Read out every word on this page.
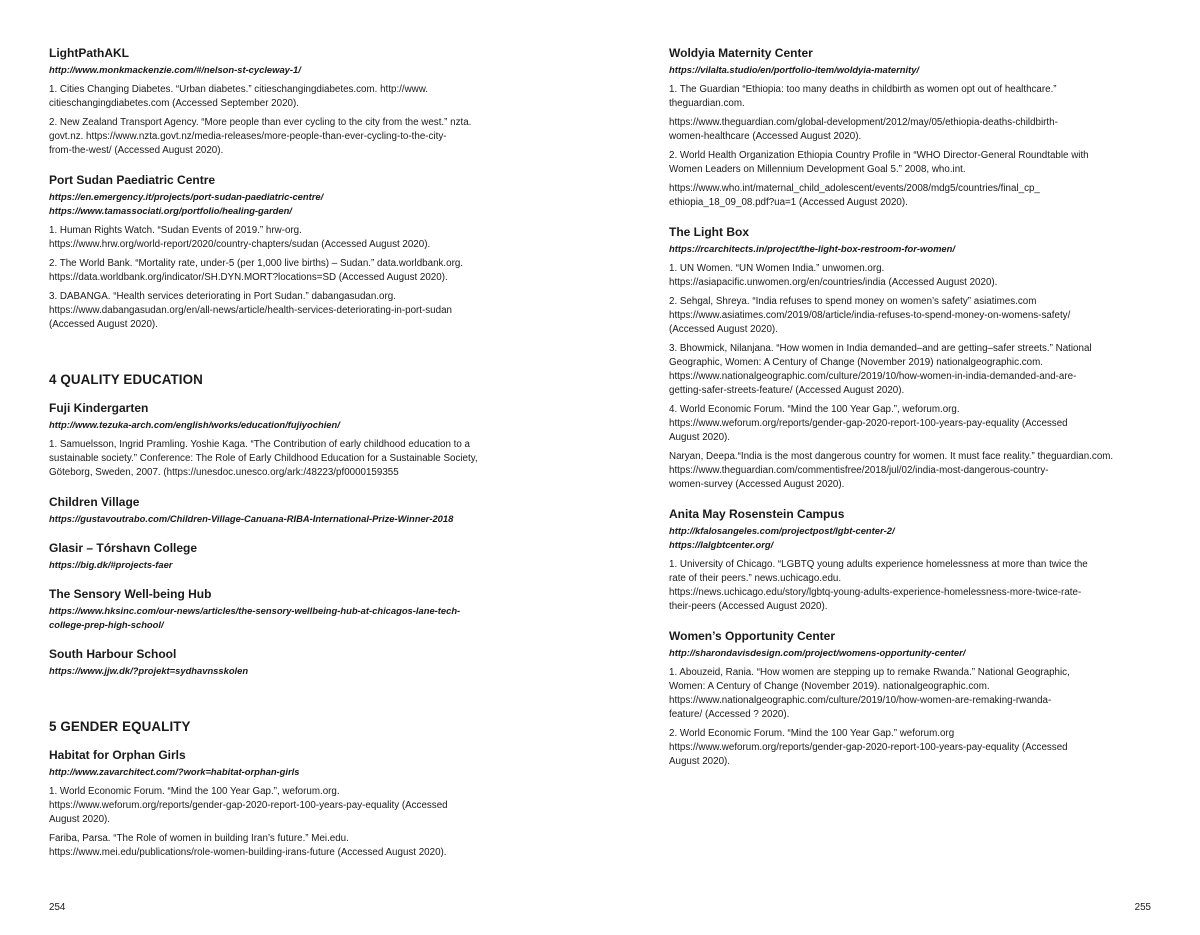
LightPathAKL
http://www.monkmackenzie.com/#/nelson-st-cycleway-1/
1. Cities Changing Diabetes. “Urban diabetes.” citieschangingdiabetes.com. http://www.
citieschangingdiabetes.com (Accessed September 2020).
2. New Zealand Transport Agency. “More people than ever cycling to the city from the west.” nzta.
govt.nz. https://www.nzta.govt.nz/media-releases/more-people-than-ever-cycling-to-the-city-
from-the-west/ (Accessed August 2020).
Port Sudan Paediatric Centre
https://en.emergency.it/projects/port-sudan-paediatric-centre/
https://www.tamassociati.org/portfolio/healing-garden/
1. Human Rights Watch. “Sudan Events of 2019.” hrw-org.
https://www.hrw.org/world-report/2020/country-chapters/sudan (Accessed August 2020).
2. The World Bank. “Mortality rate, under-5 (per 1,000 live births) – Sudan.” data.worldbank.org.
https://data.worldbank.org/indicator/SH.DYN.MORT?locations=SD (Accessed August 2020).
3. DABANGA. “Health services deteriorating in Port Sudan.” dabangasudan.org.
https://www.dabangasudan.org/en/all-news/article/health-services-deteriorating-in-port-sudan
(Accessed August 2020).
4 QUALITY EDUCATION
Fuji Kindergarten
http://www.tezuka-arch.com/english/works/education/fujiyochien/
1. Samuelsson, Ingrid Pramling. Yoshie Kaga. “The Contribution of early childhood education to a
sustainable society.” Conference: The Role of Early Childhood Education for a Sustainable Society,
Göteborg, Sweden, 2007. (https://unesdoc.unesco.org/ark:/48223/pf0000159355
Children Village
https://gustavoutrabo.com/Children-Village-Canuana-RIBA-International-Prize-Winner-2018
Glasir – Tórshavn College
https://big.dk/#projects-faer
The Sensory Well-being Hub
https://www.hksinc.com/our-news/articles/the-sensory-wellbeing-hub-at-chicagos-lane-tech-
college-prep-high-school/
South Harbour School
https://www.jjw.dk/?projekt=sydhavnsskolen
5 GENDER EQUALITY
Habitat for Orphan Girls
http://www.zavarchitect.com/?work=habitat-orphan-girls
1. World Economic Forum. “Mind the 100 Year Gap.”, weforum.org.
https://www.weforum.org/reports/gender-gap-2020-report-100-years-pay-equality (Accessed
August 2020).
Fariba, Parsa. “The Role of women in building Iran’s future.” Mei.edu.
https://www.mei.edu/publications/role-women-building-irans-future (Accessed August 2020).
Woldyia Maternity Center
https://vilalta.studio/en/portfolio-item/woldyia-maternity/
1. The Guardian “Ethiopia: too many deaths in childbirth as women opt out of healthcare.”
theguardian.com.
https://www.theguardian.com/global-development/2012/may/05/ethiopia-deaths-childbirth-
women-healthcare (Accessed August 2020).
2. World Health Organization Ethiopia Country Profile in “WHO Director-General Roundtable with
Women Leaders on Millennium Development Goal 5.” 2008, who.int.
https://www.who.int/maternal_child_adolescent/events/2008/mdg5/countries/final_cp_
ethiopia_18_09_08.pdf?ua=1 (Accessed August 2020).
The Light Box
https://rcarchitects.in/project/the-light-box-restroom-for-women/
1. UN Women. “UN Women India.” unwomen.org.
https://asiapacific.unwomen.org/en/countries/india (Accessed August 2020).
2. Sehgal, Shreya. “India refuses to spend money on women’s safety” asiatimes.com
https://www.asiatimes.com/2019/08/article/india-refuses-to-spend-money-on-womens-safety/
(Accessed August 2020).
3. Bhowmick, Nilanjana. “How women in India demanded–and are getting–safer streets.” National
Geographic, Women: A Century of Change (November 2019) nationalgeographic.com.
https://www.nationalgeographic.com/culture/2019/10/how-women-in-india-demanded-and-are-
getting-safer-streets-feature/ (Accessed August 2020).
4. World Economic Forum. “Mind the 100 Year Gap.”, weforum.org.
https://www.weforum.org/reports/gender-gap-2020-report-100-years-pay-equality (Accessed
August 2020).
Naryan, Deepa.“India is the most dangerous country for women. It must face reality.” theguardian.com.
https://www.theguardian.com/commentisfree/2018/jul/02/india-most-dangerous-country-
women-survey (Accessed August 2020).
Anita May Rosenstein Campus
http://kfalosangeles.com/projectpost/lgbt-center-2/
https://lalgbtcenter.org/
1. University of Chicago. “LGBTQ young adults experience homelessness at more than twice the
rate of their peers.” news.uchicago.edu.
https://news.uchicago.edu/story/lgbtq-young-adults-experience-homelessness-more-twice-rate-
their-peers (Accessed August 2020).
Women’s Opportunity Center
http://sharondavisdesign.com/project/womens-opportunity-center/
1. Abouzeid, Rania. “How women are stepping up to remake Rwanda.” National Geographic,
Women: A Century of Change (November 2019). nationalgeographic.com.
https://www.nationalgeographic.com/culture/2019/10/how-women-are-remaking-rwanda-
feature/ (Accessed ? 2020).
2. World Economic Forum. “Mind the 100 Year Gap.” weforum.org
https://www.weforum.org/reports/gender-gap-2020-report-100-years-pay-equality (Accessed
August 2020).
254	255
